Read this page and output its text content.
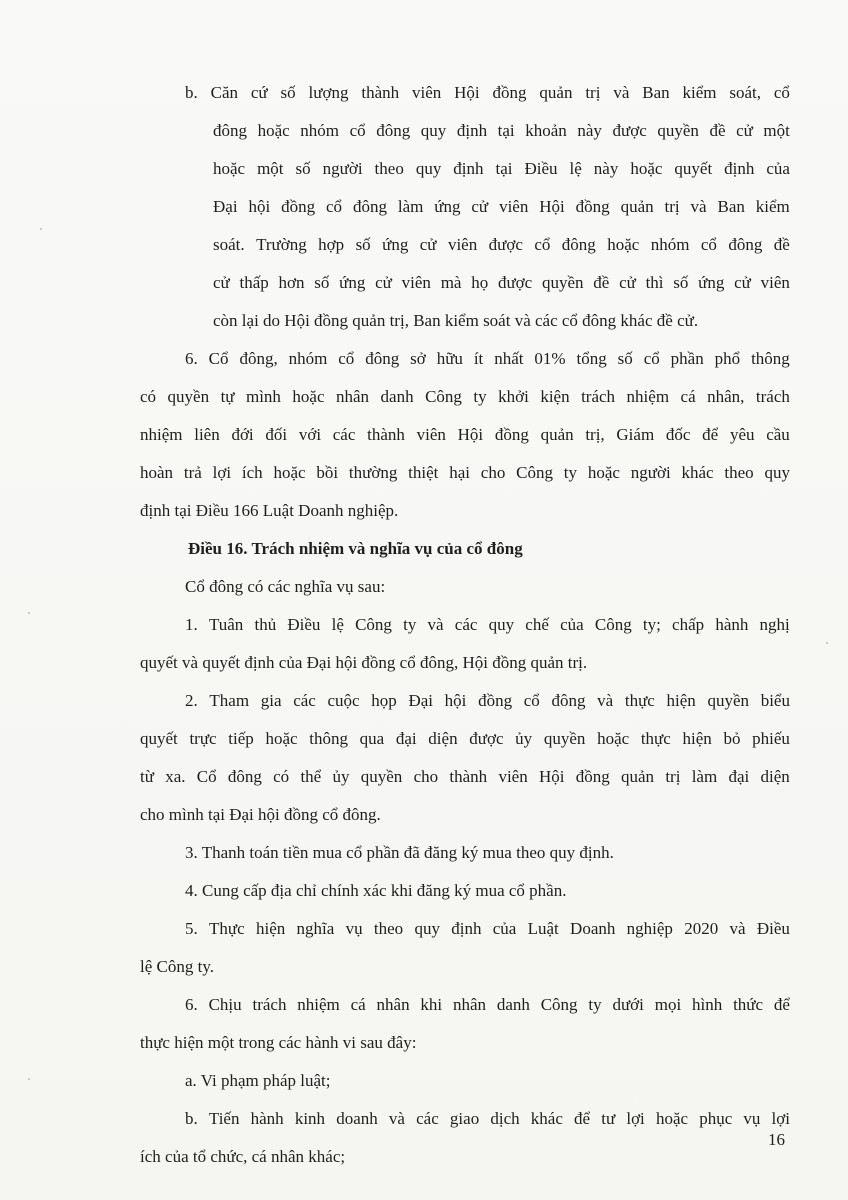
b. Căn cứ số lượng thành viên Hội đồng quản trị và Ban kiểm soát, cổ
đông hoặc nhóm cổ đông quy định tại khoản này được quyền đề cử một
hoặc một số người theo quy định tại Điều lệ này hoặc quyết định của
Đại hội đồng cổ đông làm ứng cử viên Hội đồng quản trị và Ban kiểm
soát. Trường hợp số ứng cử viên được cổ đông hoặc nhóm cổ đông đề
cử thấp hơn số ứng cử viên mà họ được quyền đề cử thì số ứng cử viên
còn lại do Hội đồng quản trị, Ban kiểm soát và các cổ đông khác đề cử.
6. Cổ đông, nhóm cổ đông sở hữu ít nhất 01% tổng số cổ phần phổ thông
có quyền tự mình hoặc nhân danh Công ty khởi kiện trách nhiệm cá nhân, trách
nhiệm liên đới đối với các thành viên Hội đồng quản trị, Giám đốc để yêu cầu
hoàn trả lợi ích hoặc bồi thường thiệt hại cho Công ty hoặc người khác theo quy
định tại Điều 166 Luật Doanh nghiệp.
Điều 16. Trách nhiệm và nghĩa vụ của cổ đông
Cổ đông có các nghĩa vụ sau:
1. Tuân thủ Điều lệ Công ty và các quy chế của Công ty; chấp hành nghị
quyết và quyết định của Đại hội đồng cổ đông, Hội đồng quản trị.
2. Tham gia các cuộc họp Đại hội đồng cổ đông và thực hiện quyền biểu
quyết trực tiếp hoặc thông qua đại diện được ủy quyền hoặc thực hiện bỏ phiếu
từ xa. Cổ đông có thể ủy quyền cho thành viên Hội đồng quản trị làm đại diện
cho mình tại Đại hội đồng cổ đông.
3. Thanh toán tiền mua cổ phần đã đăng ký mua theo quy định.
4. Cung cấp địa chỉ chính xác khi đăng ký mua cổ phần.
5. Thực hiện nghĩa vụ theo quy định của Luật Doanh nghiệp 2020 và Điều
lệ Công ty.
6. Chịu trách nhiệm cá nhân khi nhân danh Công ty dưới mọi hình thức để
thực hiện một trong các hành vi sau đây:
a. Vi phạm pháp luật;
b. Tiến hành kinh doanh và các giao dịch khác để tư lợi hoặc phục vụ lợi
ích của tổ chức, cá nhân khác;
16
